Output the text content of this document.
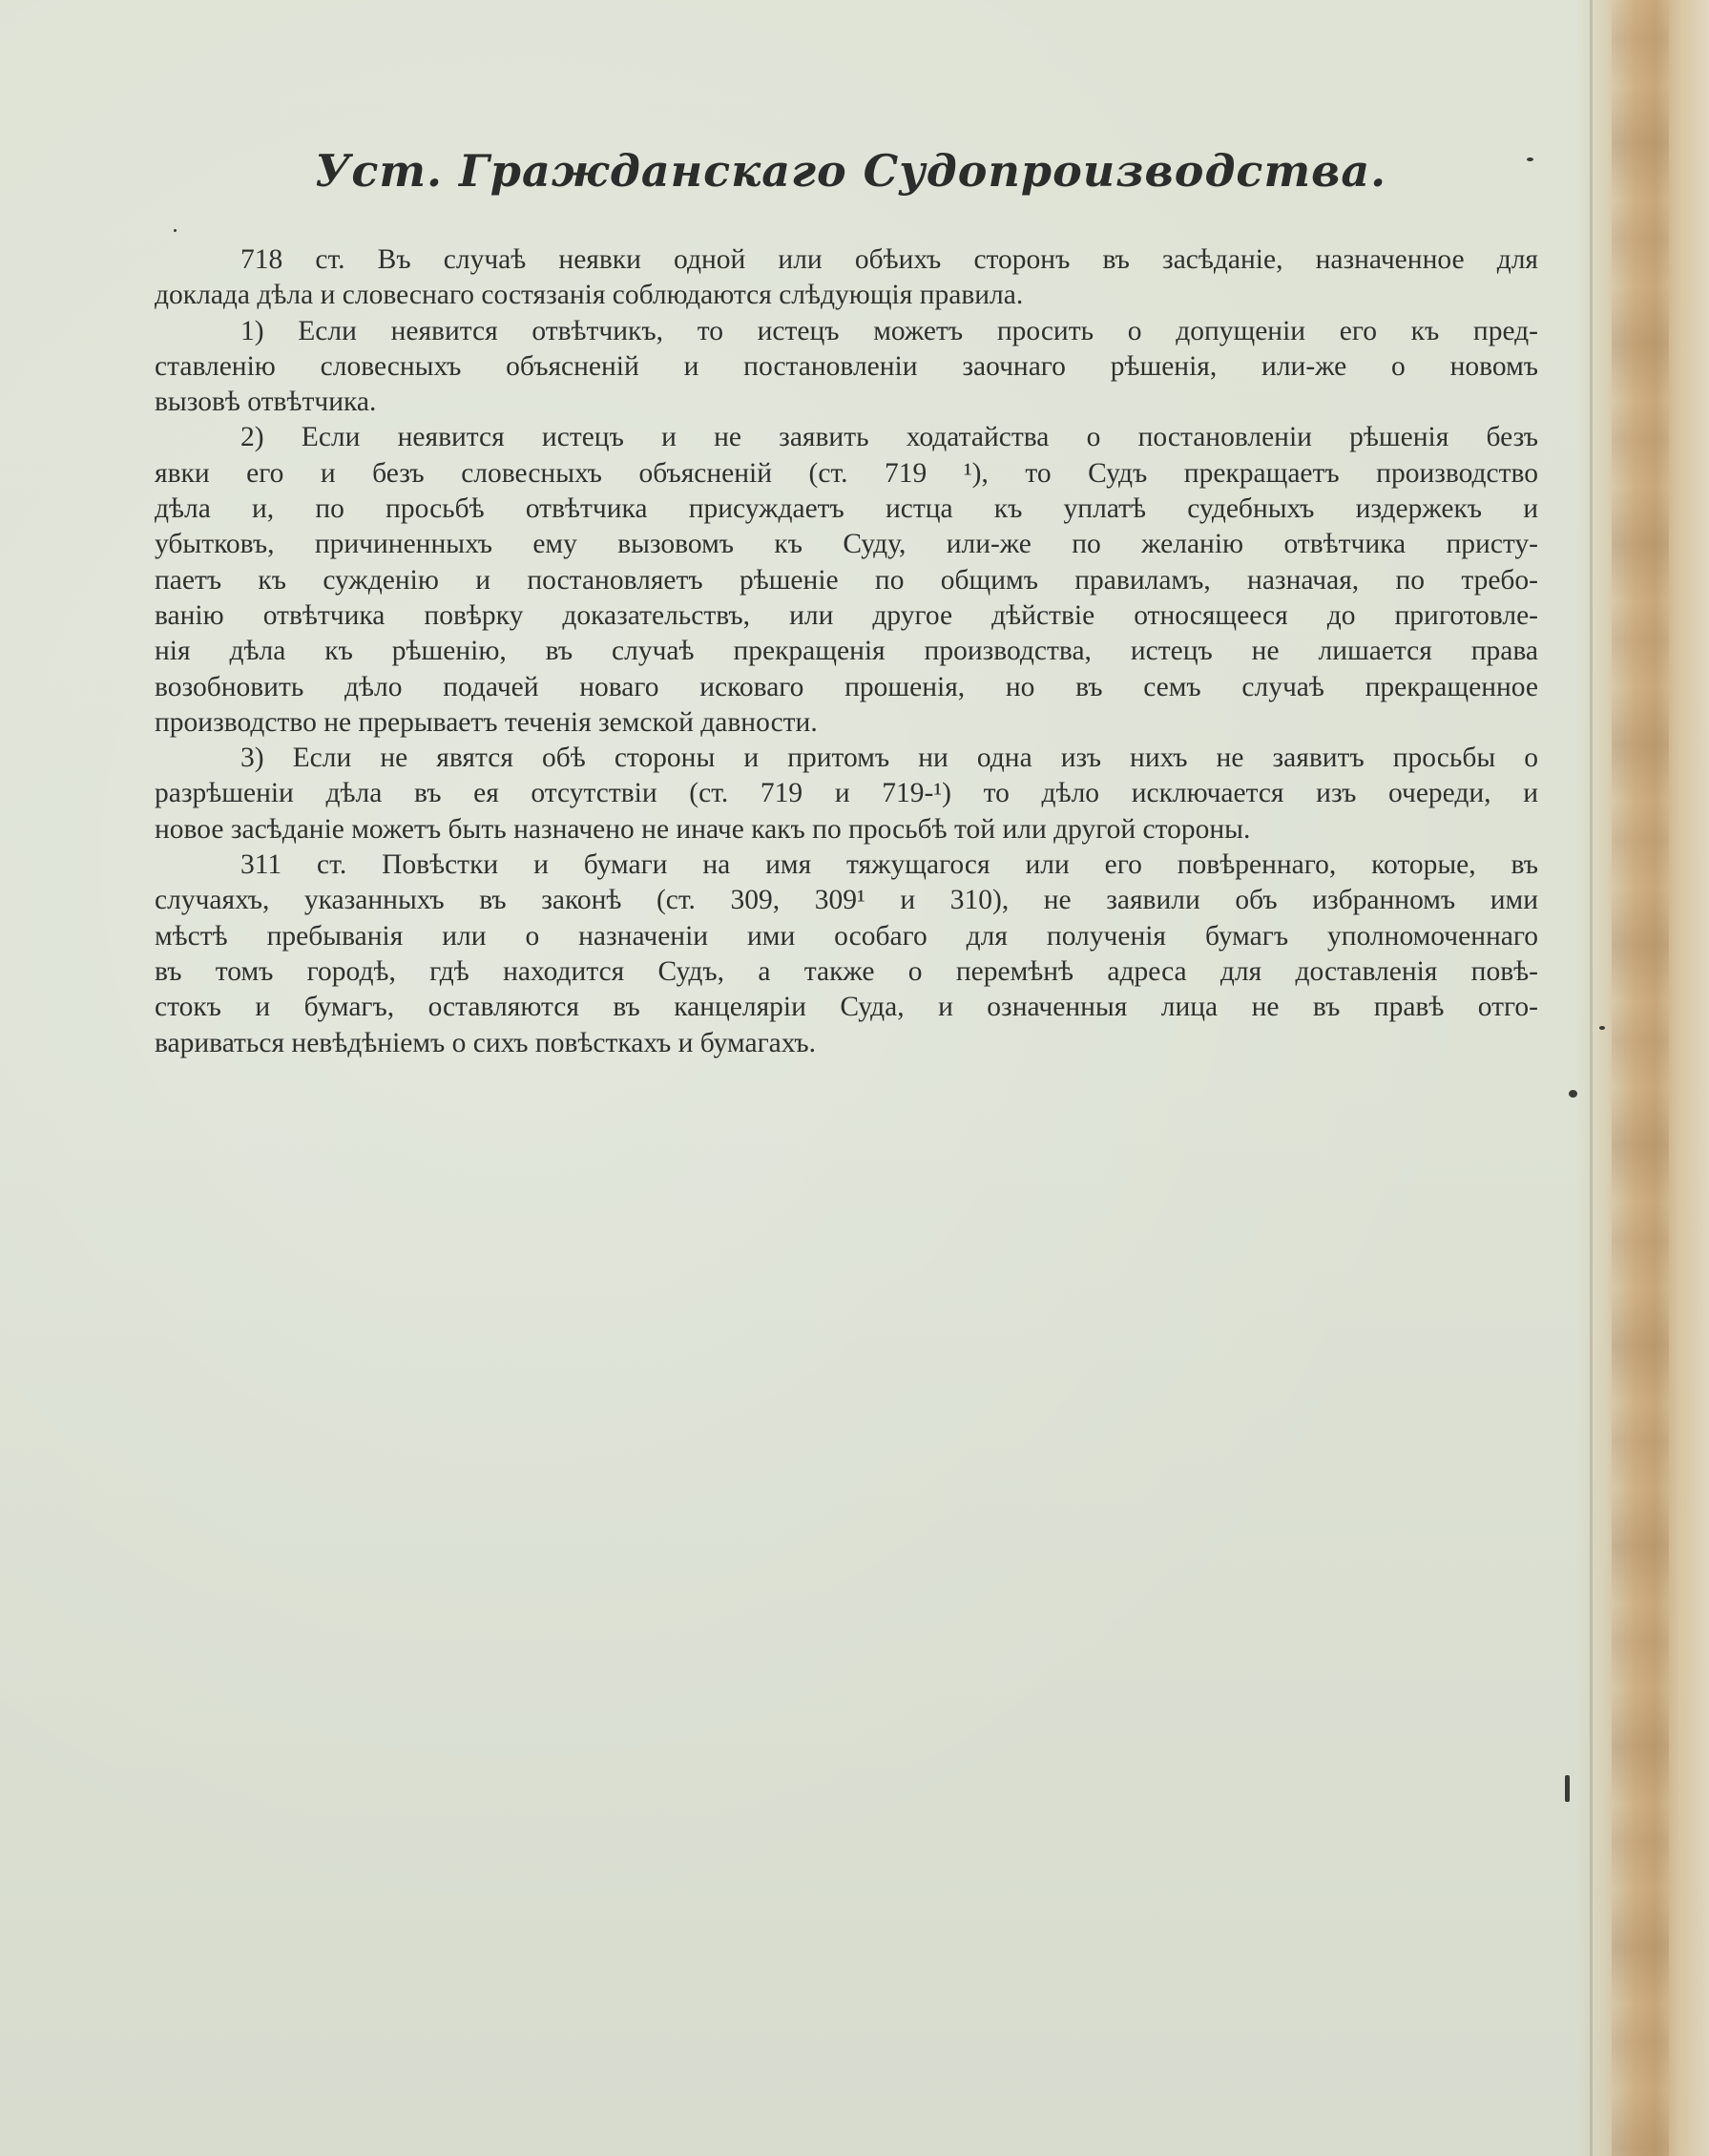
Уст. Гражданскаго Судопроизводства.

718 ст. Въ случаѣ неявки одной или обѣихъ сторонъ въ засѣданіе, назначенное для
доклада дѣла и словеснаго состязанія соблюдаются слѣдующія правила.

1) Если неявится отвѣтчикъ, то истецъ можетъ просить о допущеніи его къ пред-
ставленію словесныхъ объясненій и постановленіи заочнаго рѣшенія, или-же о новомъ
вызовѣ отвѣтчика.

2) Если неявится истецъ и не заявить ходатайства о постановленіи рѣшенія безъ
явки его и безъ словесныхъ объясненій (ст. 719 ¹), то Судъ прекращаетъ производство
дѣла и, по просьбѣ отвѣтчика присуждаетъ истца къ уплатѣ судебныхъ издержекъ и
убытковъ, причиненныхъ ему вызовомъ къ Суду, или-же по желанію отвѣтчика присту-
паетъ къ сужденію и постановляетъ рѣшеніе по общимъ правиламъ, назначая, по требо-
ванію отвѣтчика повѣрку доказательствъ, или другое дѣйствіе относящееся до приготовле-
нія дѣла къ рѣшенію, въ случаѣ прекращенія производства, истецъ не лишается права
возобновить дѣло подачей новаго исковаго прошенія, но въ семъ случаѣ прекращенное
производство не прерываетъ теченія земской давности.

3) Если не явятся обѣ стороны и притомъ ни одна изъ нихъ не заявитъ просьбы о
разрѣшеніи дѣла въ ея отсутствіи (ст. 719 и 719-¹) то дѣло исключается изъ очереди, и
новое засѣданіе можетъ быть назначено не иначе какъ по просьбѣ той или другой стороны.

311 ст. Повѣстки и бумаги на имя тяжущагося или его повѣреннаго, которые, въ
случаяхъ, указанныхъ въ законѣ (ст. 309, 309¹ и 310), не заявили объ избранномъ ими
мѣстѣ пребыванія или о назначеніи ими особаго для полученія бумагъ уполномоченнаго
въ томъ городѣ, гдѣ находится Судъ, а также о перемѣнѣ адреса для доставленія повѣ-
стокъ и бумагъ, оставляются въ канцеляріи Суда, и означенныя лица не въ правѣ отго-
вариваться невѣдѣніемъ о сихъ повѣсткахъ и бумагахъ.
